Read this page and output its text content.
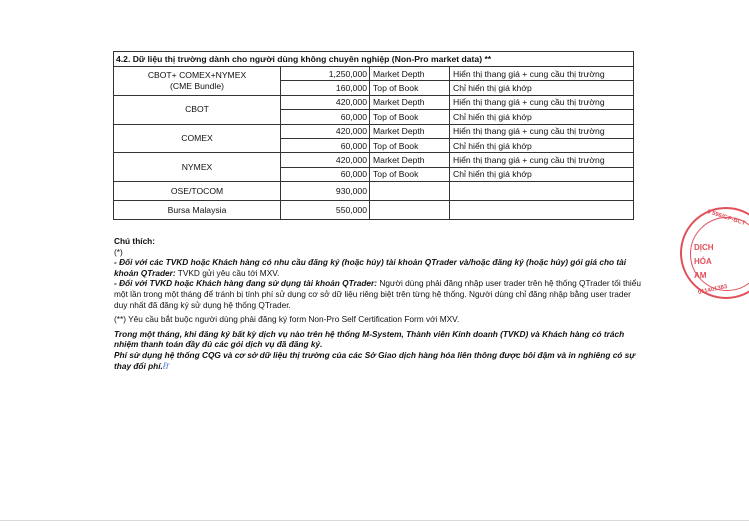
4.2. Dữ liệu thị trường dành cho người dùng không chuyên nghiệp (Non-Pro market data) **			
CBOT+ COMEX+NYMEX
(CME Bundle)	1,250,000	Market Depth	Hiển thị thang giá + cung cầu thị trường
	160,000	Top of Book	Chỉ hiển thị giá khớp
CBOT	420,000	Market Depth	Hiển thị thang giá + cung cầu thị trường
	60,000	Top of Book	Chỉ hiển thị giá khớp
COMEX	420,000	Market Depth	Hiển thị thang giá + cung cầu thị trường
	60,000	Top of Book	Chỉ hiển thị giá khớp
NYMEX	420,000	Market Depth	Hiển thị thang giá + cung cầu thị trường
	60,000	Top of Book	Chỉ hiển thị giá khớp
OSE/TOCOM	930,000		
Bursa Malaysia	550,000		

Chú thích:

(*)

- Đối với các TVKD hoặc Khách hàng có nhu cầu đăng ký (hoặc hủy) tài khoản QTrader và/hoặc đăng ký (hoặc hủy) gói giá cho tài khoản QTrader: TVKD gửi yêu cầu tới MXV.

- Đối với TVKD hoặc Khách hàng đang sử dụng tài khoản QTrader: Người dùng phải đăng nhập user trader trên hệ thống QTrader tối thiểu một lần trong một tháng để tránh bị tính phí sử dụng cơ sở dữ liệu riêng biệt trên từng hệ thống. Người dùng chỉ đăng nhập bằng user trader duy nhất đã đăng ký sử dụng hệ thống QTrader.

(**) Yêu cầu bắt buộc người dùng phải đăng ký form Non-Pro Self Certification Form với MXV.

Trong một tháng, khi đăng ký bất kỳ dịch vụ nào trên hệ thống M-System, Thành viên Kinh doanh (TVKD) và Khách hàng có trách nhiệm thanh toán đầy đủ các gói dịch vụ đã đăng ký.

Phí sử dụng hệ thống CQG và cơ sở dữ liệu thị trường của các Sở Giao dịch hàng hóa liên thông được bôi đậm và in nghiêng có sự thay đổi phí.ℓr

0 596/GP-BCT
DỊCH
HÓA
AM
011401383
